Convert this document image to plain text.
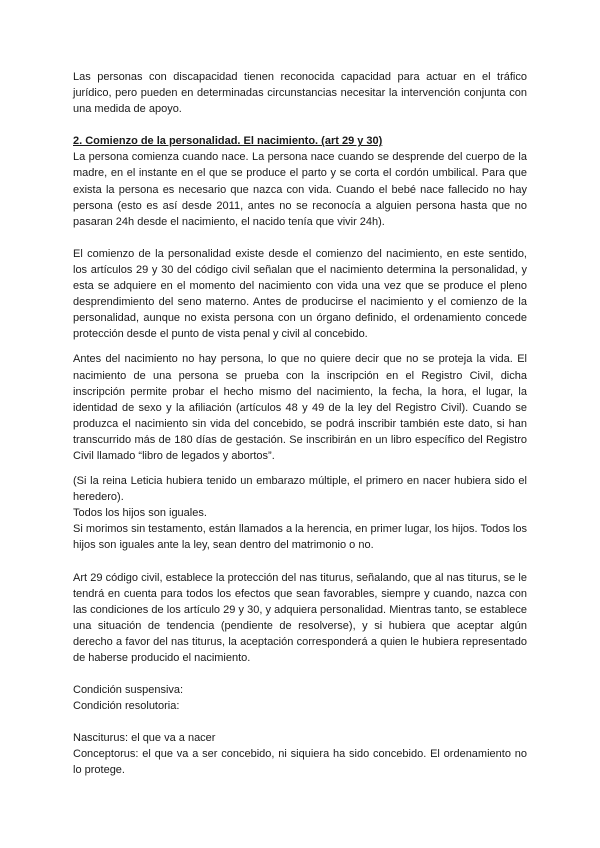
Las personas con discapacidad tienen reconocida capacidad para actuar en el tráfico jurídico, pero pueden en determinadas circunstancias necesitar la intervención conjunta con una medida de apoyo.

2. Comienzo de la personalidad. El nacimiento. (art 29 y 30)

La persona comienza cuando nace. La persona nace cuando se desprende del cuerpo de la madre, en el instante en el que se produce el parto y se corta el cordón umbilical. Para que exista la persona es necesario que nazca con vida. Cuando el bebé nace fallecido no hay persona (esto es así desde 2011, antes no se reconocía a alguien persona hasta que no pasaran 24h desde el nacimiento, el nacido tenía que vivir 24h).

El comienzo de la personalidad existe desde el comienzo del nacimiento, en este sentido, los artículos 29 y 30 del código civil señalan que el nacimiento determina la personalidad, y esta se adquiere en el momento del nacimiento con vida una vez que se produce el pleno desprendimiento del seno materno. Antes de producirse el nacimiento y el comienzo de la personalidad, aunque no exista persona con un órgano definido, el ordenamiento concede protección desde el punto de vista penal y civil al concebido.

Antes del nacimiento no hay persona, lo que no quiere decir que no se proteja la vida. El nacimiento de una persona se prueba con la inscripción en el Registro Civil, dicha inscripción permite probar el hecho mismo del nacimiento, la fecha, la hora, el lugar, la identidad de sexo y la afiliación (artículos 48 y 49 de la ley del Registro Civil). Cuando se produzca el nacimiento sin vida del concebido, se podrá inscribir también este dato, si han transcurrido más de 180 días de gestación. Se inscribirán en un libro específico del Registro Civil llamado “libro de legados y abortos”.

(Si la reina Leticia hubiera tenido un embarazo múltiple, el primero en nacer hubiera sido el heredero).

Todos los hijos son iguales.

Si morimos sin testamento, están llamados a la herencia, en primer lugar, los hijos. Todos los hijos son iguales ante la ley, sean dentro del matrimonio o no.

Art 29 código civil, establece la protección del nas titurus, señalando, que al nas titurus, se le tendrá en cuenta para todos los efectos que sean favorables, siempre y cuando, nazca con las condiciones de los artículo 29 y 30, y adquiera personalidad. Mientras tanto, se establece una situación de tendencia (pendiente de resolverse), y si hubiera que aceptar algún derecho a favor del nas titurus, la aceptación corresponderá a quien le hubiera representado de haberse producido el nacimiento.

Condición suspensiva:

Condición resolutoria:

Nasciturus: el que va a nacer

Conceptorus: el que va a ser concebido, ni siquiera ha sido concebido. El ordenamiento no lo protege.
